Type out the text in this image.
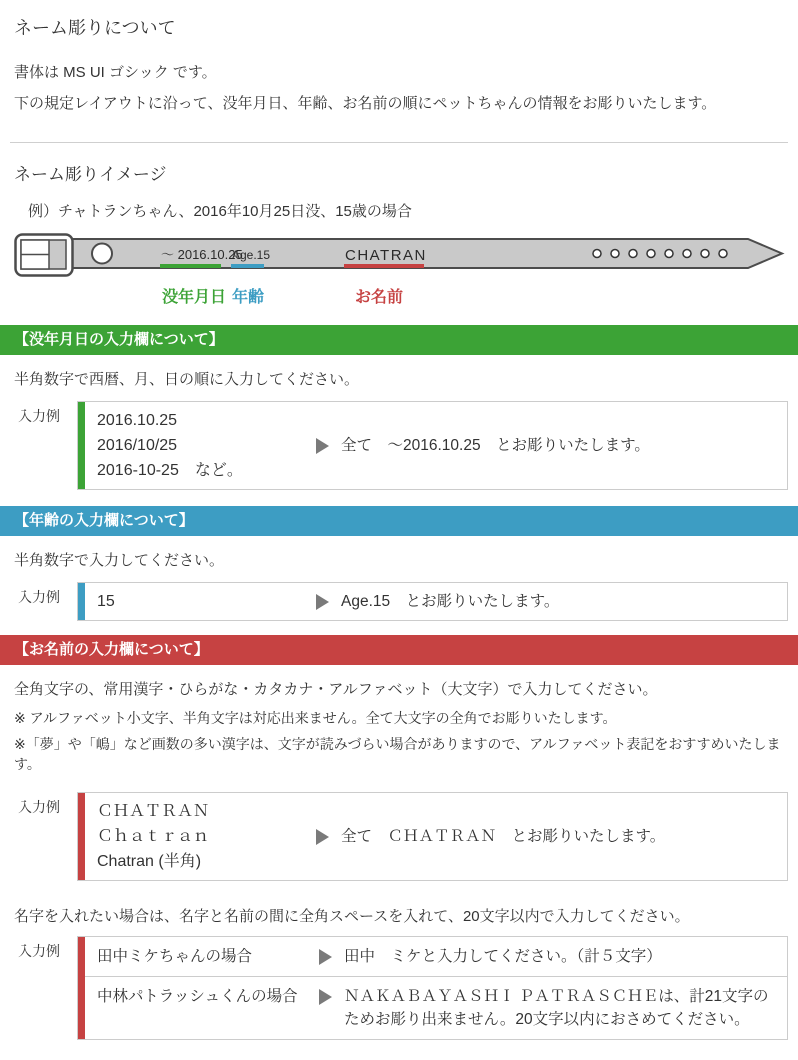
ネーム彫りについて

書体は MS UI ゴシック です。

下の規定レイアウトに沿って、没年月日、年齢、お名前の順にペットちゃんの情報をお彫りいたします。

ネーム彫りイメージ

例）チャトランちゃん、2016年10月25日没、15歳の場合

～ 2016.10.25
Age.15	CHATRAN
没年月日 年齢	お名前
【没年月日の入力欄について】

半角数字で西暦、月、日の順に入力してください。

入力例	2016.10.25
2016/10/25
2016-10-25　など。
全て　～2016.10.25　とお彫りいたします。
【年齢の入力欄について】

半角数字で入力してください。

入力例	15	Age.15　とお彫りいたします。
【お名前の入力欄について】

全角文字の、常用漢字・ひらがな・カタカナ・アルファベット（大文字）で入力してください。

※ アルファベット小文字、半角文字は対応出来ません。全て大文字の全角でお彫りいたします。

※「夢」や「嶋」など画数の多い漢字は、文字が読みづらい場合がありますので、アルファベット表記をおすすめいたします。

入力例	ＣＨＡＴＲＡＮ
Ｃｈａｔｒａｎ
Chatran (半角)
全て　ＣＨＡＴＲＡＮ　とお彫りいたします。

名字を入れたい場合は、名字と名前の間に全角スペースを入れて、20文字以内で入力してください。

入力例	田中ミケちゃんの場合	田中　ミケと入力してください。（計５文字）
中林パトラッシュくんの場合	ＮＡＫＡＢＡＹＡＳＨＩ ＰＡＴＲＡＳＣＨＥは、計21文字のためお彫り出来ません。20文字以内におさめてください。
